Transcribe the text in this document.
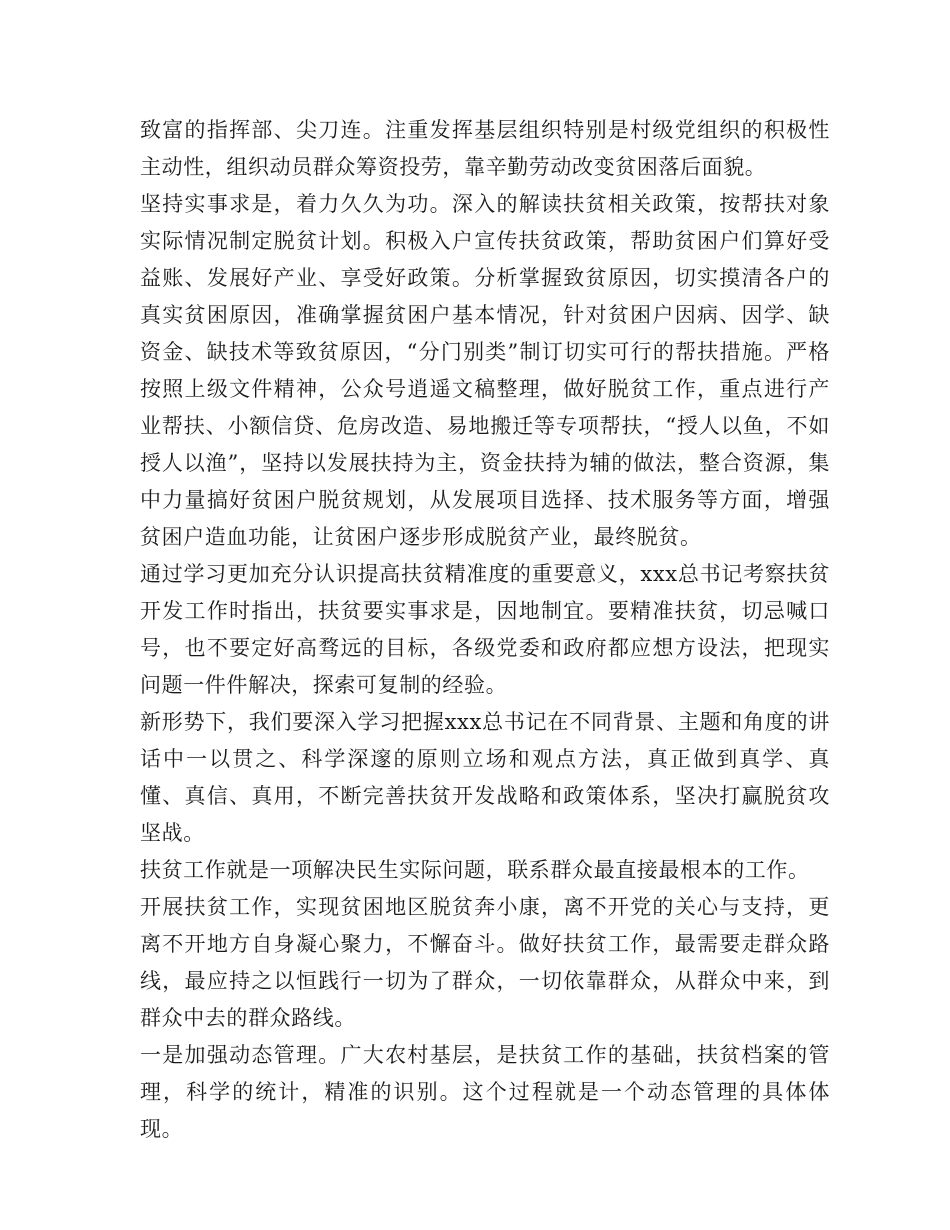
致富的指挥部、尖刀连。注重发挥基层组织特别是村级党组织的积极性主动性，组织动员群众筹资投劳，靠辛勤劳动改变贫困落后面貌。

坚持实事求是，着力久久为功。深入的解读扶贫相关政策，按帮扶对象实际情况制定脱贫计划。积极入户宣传扶贫政策，帮助贫困户们算好受益账、发展好产业、享受好政策。分析掌握致贫原因，切实摸清各户的真实贫困原因，准确掌握贫困户基本情况，针对贫困户因病、因学、缺资金、缺技术等致贫原因，“分门别类”制订切实可行的帮扶措施。严格按照上级文件精神，公众号逍遥文稿整理，做好脱贫工作，重点进行产业帮扶、小额信贷、危房改造、易地搬迁等专项帮扶，“授人以鱼，不如授人以渔”，坚持以发展扶持为主，资金扶持为辅的做法，整合资源，集中力量搞好贫困户脱贫规划，从发展项目选择、技术服务等方面，增强贫困户造血功能，让贫困户逐步形成脱贫产业，最终脱贫。

通过学习更加充分认识提高扶贫精准度的重要意义，xxx总书记考察扶贫开发工作时指出，扶贫要实事求是，因地制宜。要精准扶贫，切忌喊口号，也不要定好高骛远的目标，各级党委和政府都应想方设法，把现实问题一件件解决，探索可复制的经验。

新形势下，我们要深入学习把握xxx总书记在不同背景、主题和角度的讲话中一以贯之、科学深邃的原则立场和观点方法，真正做到真学、真懂、真信、真用，不断完善扶贫开发战略和政策体系，坚决打赢脱贫攻坚战。

扶贫工作就是一项解决民生实际问题，联系群众最直接最根本的工作。

开展扶贫工作，实现贫困地区脱贫奔小康，离不开党的关心与支持，更离不开地方自身凝心聚力，不懈奋斗。做好扶贫工作，最需要走群众路线，最应持之以恒践行一切为了群众，一切依靠群众，从群众中来，到群众中去的群众路线。

一是加强动态管理。广大农村基层，是扶贫工作的基础，扶贫档案的管理，科学的统计，精准的识别。这个过程就是一个动态管理的具体体现。
